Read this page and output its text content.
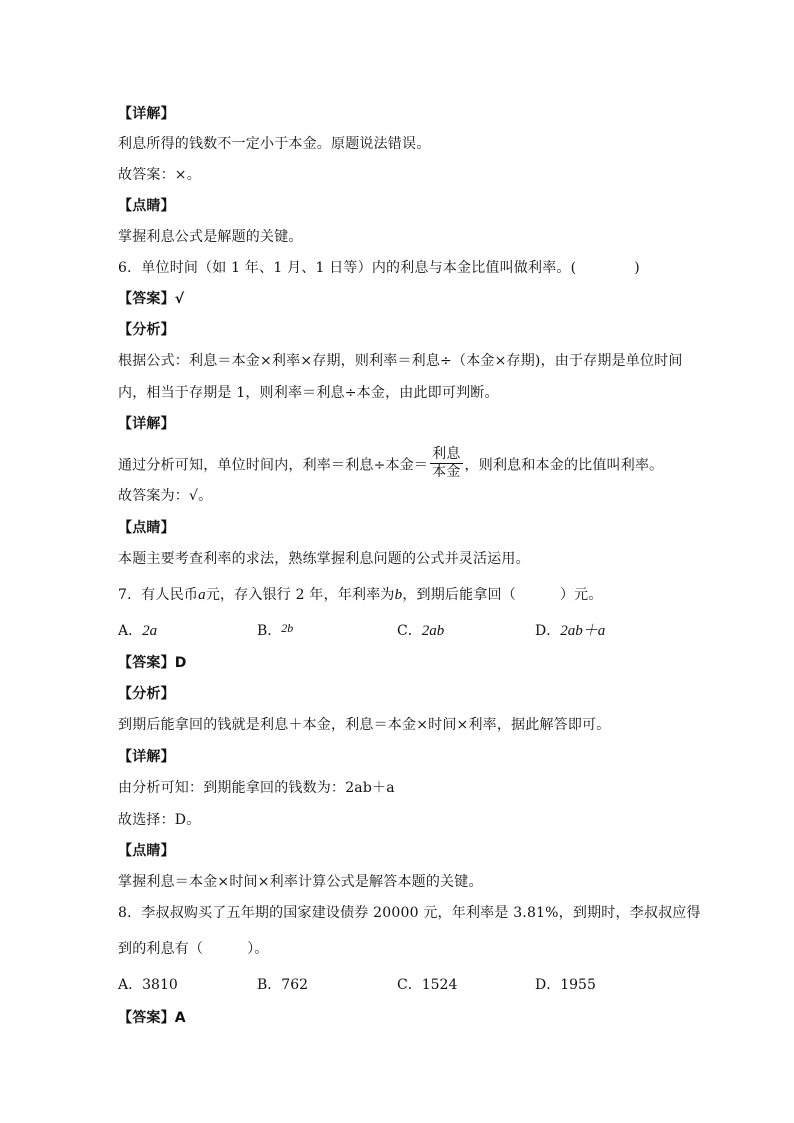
【详解】
利息所得的钱数不一定小于本金。原题说法错误。
故答案：×。
【点睛】
掌握利息公式是解题的关键。
6．单位时间（如 1 年、1 月、1 日等）内的利息与本金比值叫做利率。(	)
【答案】√
【分析】
根据公式：利息＝本金×利率×存期，则利率＝利息÷（本金×存期)，由于存期是单位时间
内，相当于存期是 1，则利率＝利息÷本金，由此即可判断。
【详解】
通过分析可知，单位时间内，利率＝利息÷本金＝ $\frac{\text{利息}}{\text{本金}}$ ，则利息和本金的比值叫利率。
故答案为：√。
【点睛】
本题主要考查利率的求法，熟练掌握利息问题的公式并灵活运用。
7．有人民币a元，存入银行 2 年，年利率为b，到期后能拿回（	）元。
A．2a	B．2b	C．2ab	D．2ab＋a
【答案】D
【分析】
到期后能拿回的钱就是利息＋本金，利息＝本金×时间×利率，据此解答即可。
【详解】
由分析可知：到期能拿回的钱数为：2ab＋a
故选择：D。
【点睛】
掌握利息＝本金×时间×利率计算公式是解答本题的关键。
8．李叔叔购买了五年期的国家建设债券 20000 元，年利率是 3.81%，到期时，李叔叔应得
到的利息有（	）。
A．3810	B．762	C．1524	D．1955
【答案】A
